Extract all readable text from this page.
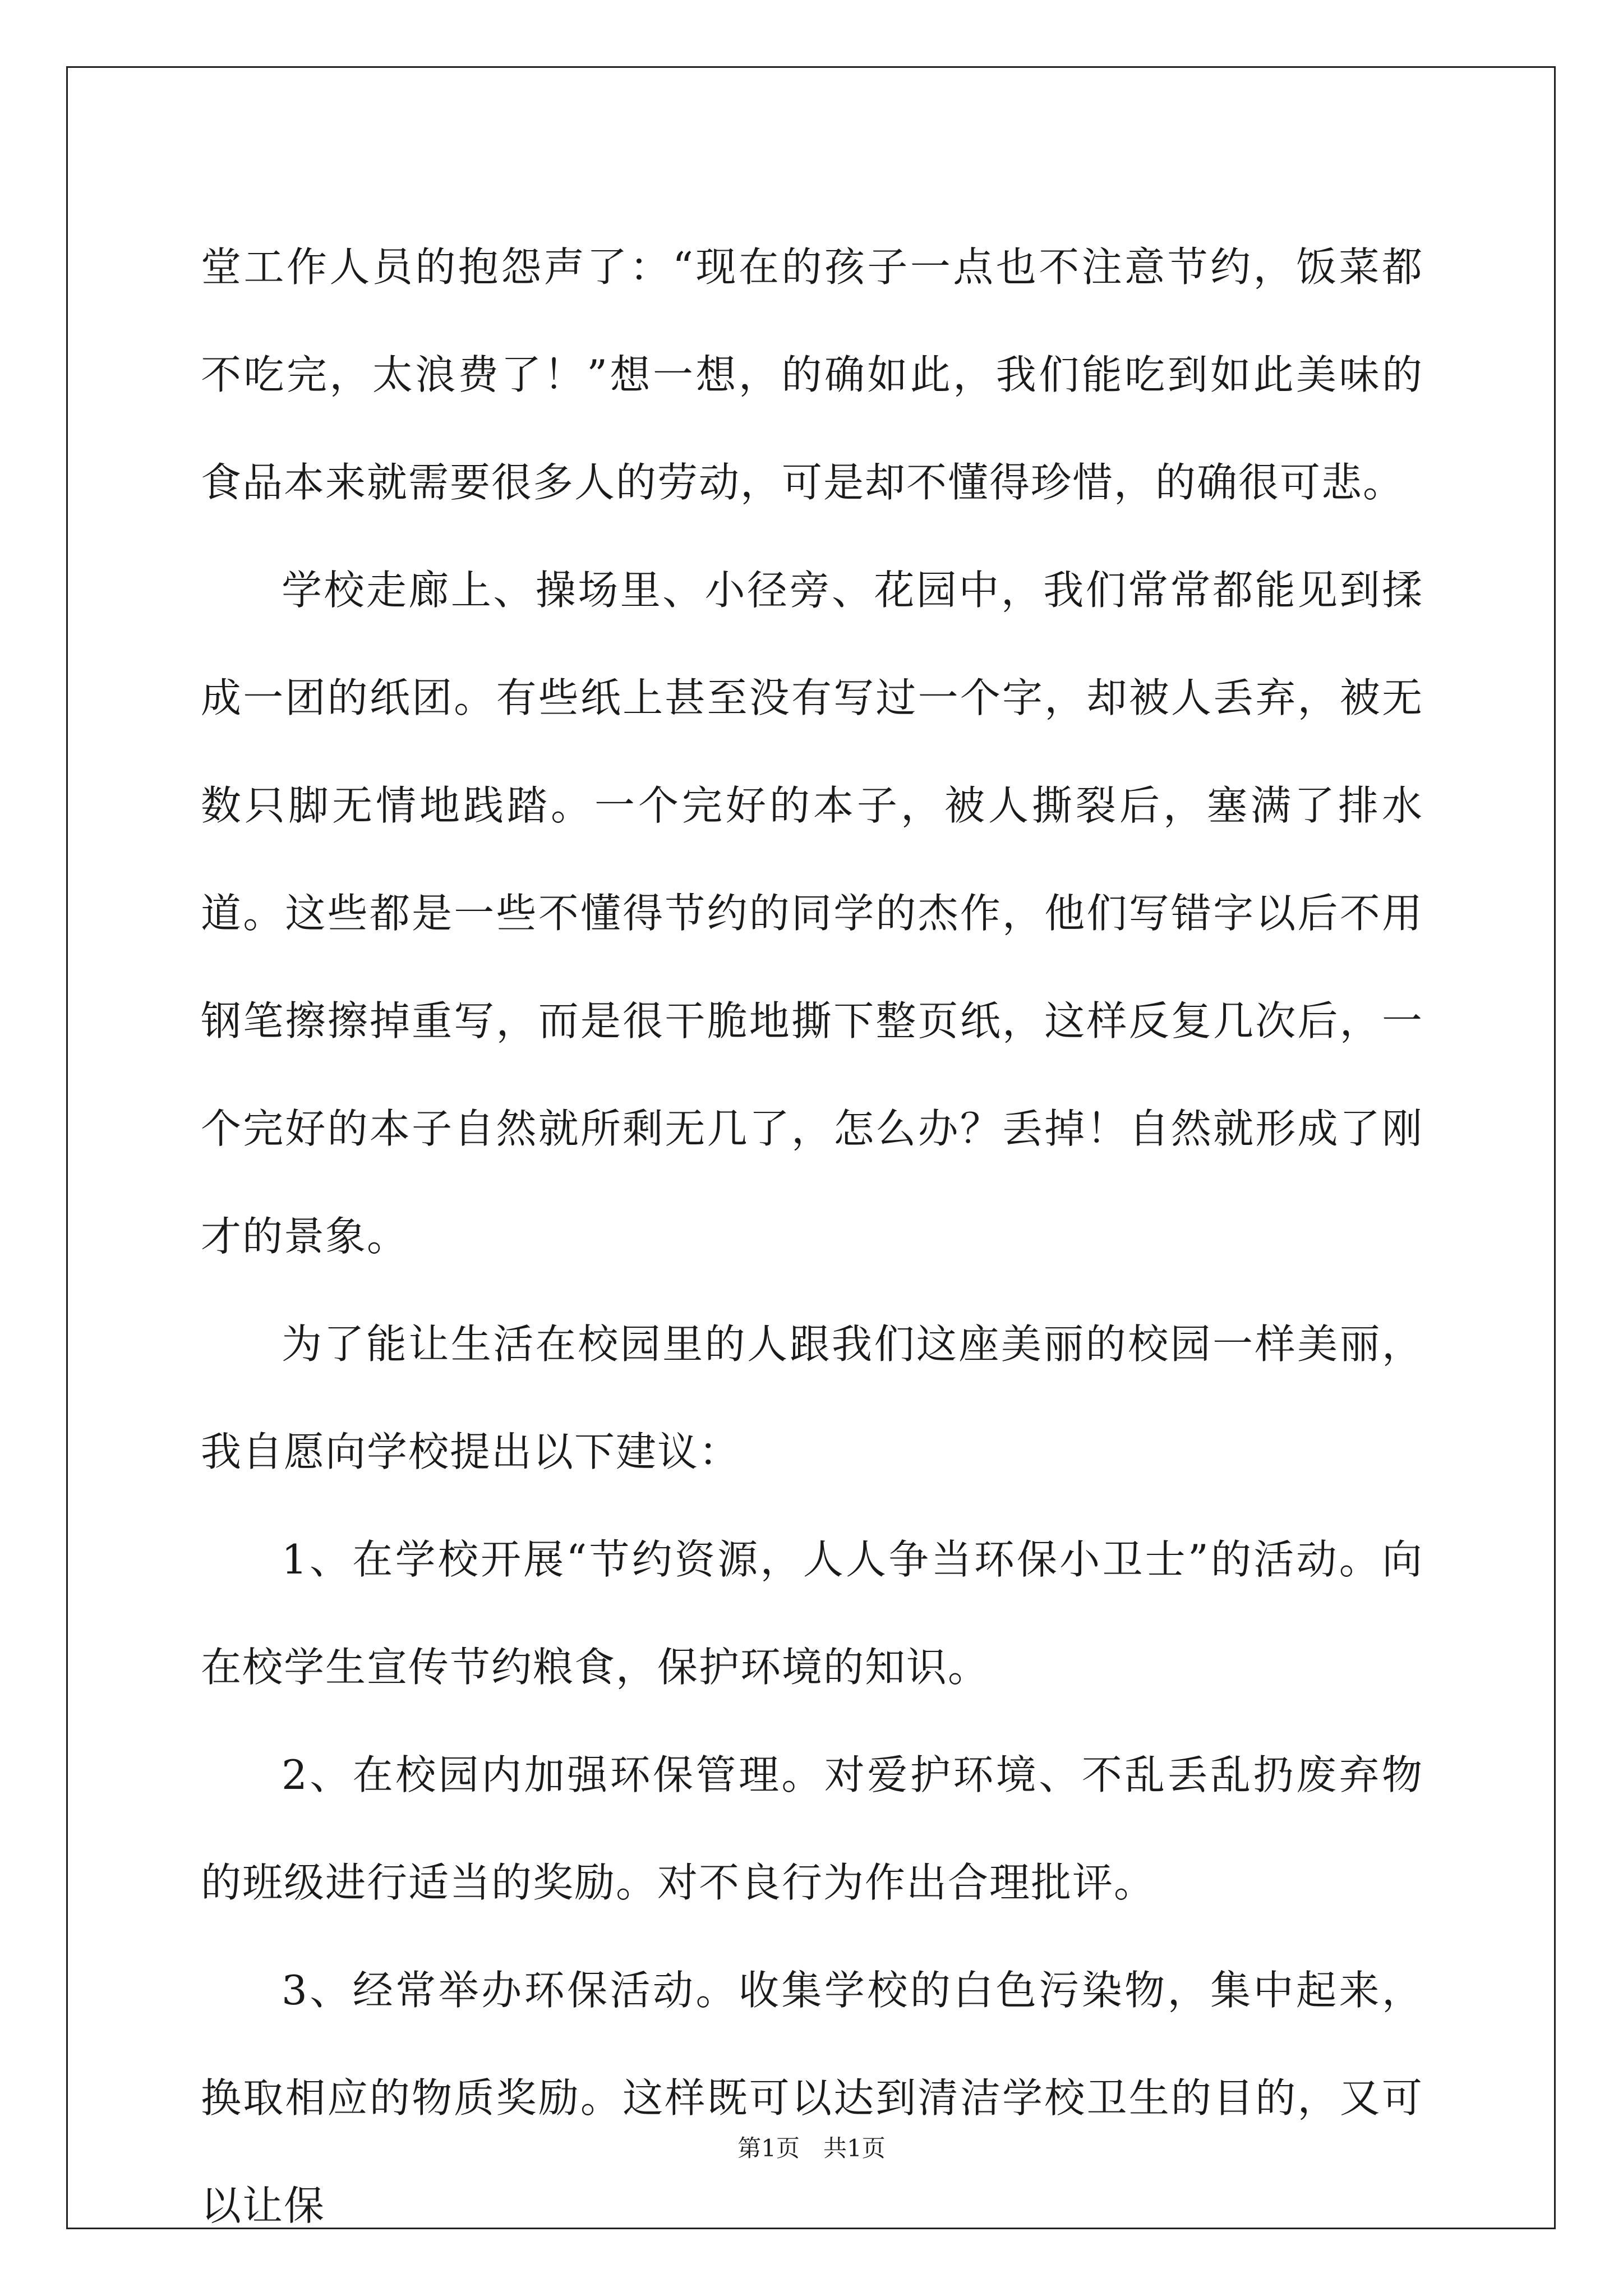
堂工作人员的抱怨声了：“现在的孩子一点也不注意节约，饭菜都不吃完，太浪费了！”想一想，的确如此，我们能吃到如此美味的食品本来就需要很多人的劳动，可是却不懂得珍惜，的确很可悲。

学校走廊上、操场里、小径旁、花园中，我们常常都能见到揉成一团的纸团。有些纸上甚至没有写过一个字，却被人丢弃，被无数只脚无情地践踏。一个完好的本子，被人撕裂后，塞满了排水道。这些都是一些不懂得节约的同学的杰作，他们写错字以后不用钢笔擦擦掉重写，而是很干脆地撕下整页纸，这样反复几次后，一个完好的本子自然就所剩无几了，怎么办？丢掉！自然就形成了刚才的景象。

为了能让生活在校园里的人跟我们这座美丽的校园一样美丽，我自愿向学校提出以下建议：

1、在学校开展“节约资源，人人争当环保小卫士”的活动。向在校学生宣传节约粮食，保护环境的知识。

2、在校园内加强环保管理。对爱护环境、不乱丢乱扔废弃物的班级进行适当的奖励。对不良行为作出合理批评。

3、经常举办环保活动。收集学校的白色污染物，集中起来，换取相应的物质奖励。这样既可以达到清洁学校卫生的目的，又可以让保

第1页 共1页
